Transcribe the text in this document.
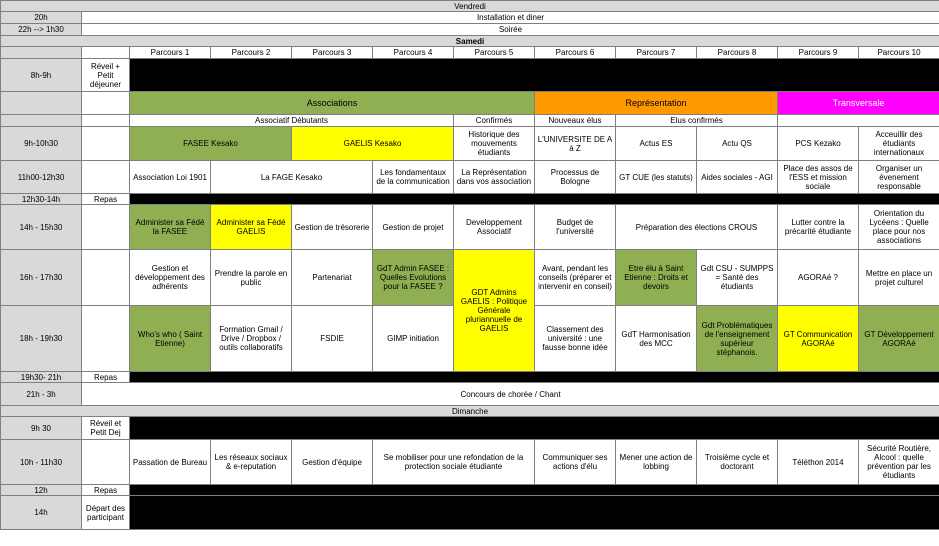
Vendredi											
20h	Installation et diner										
22h --> 1h30	Soirée										
Samedi											
		Parcours 1	Parcours 2	Parcours 3	Parcours 4	Parcours 5	Parcours 6	Parcours 7	Parcours 8	Parcours 9	Parcours 10
8h-9h	Réveil + Petit déjeuner										
		Associations					Représentation			Transversale	
		Associatif Débutants				Confirmés	Nouveaux élus	Elus confirmés			
9h-10h30		FASEE Kesako		GAELIS Kesako		Historique des mouvements étudiants	L'UNIVERSITE DE A à Z	Actus ES	Actu QS	PCS Kezako	Acceuillir des étudiants internationaux
11h00-12h30		Association Loi 1901	La FAGE Kesako		Les fondamentaux de la communication	La Représentation dans vos association	Processus de Bologne	GT CUE (les statuts)	Aides sociales - AGI	Place des assos de l'ESS et mission sociale	Organiser un évenement responsable
12h30-14h	Repas										
14h - 15h30		Administer sa Fédé la FASEE	Administer sa Fédé GAELIS	Gestion de trésorerie	Gestion de projet	Developpement Associatif	Budget de l'université	Préparation des élections CROUS		Lutter contre la précarité étudiante	Orientation du Lycéens : Quelle place pour nos associations
16h - 17h30		Gestion et développement des adhérents	Prendre la parole en public	Partenariat	GdT Admin FASEE : Quelles Evolutions pour la FASEE ?	GDT Admins GAELIS : Politique Générale pluriannuelle de GAELIS	Avant, pendant les conseils (préparer et intervenir en conseil)	Etre élu à Saint Etienne : Droits et devoirs	Gdt CSU - SUMPPS = Santé des étudiants	AGORAé ?	Mettre en place un projet culturel
18h - 19h30		Who's who ( Saint Etienne)	Formation Gmail / Drive / Dropbox / outils collaboratifs	FSDIE	GIMP initiation		Classement des université : une fausse bonne idée	GdT Harmonisation des MCC	Gdt Problématiques de l'enseignement supérieur stéphanois.	GT Communication AGORAé	GT Développement AGORAé
19h30- 21h	Repas										
21h - 3h	Concours de chorée / Chant										
Dimanche											
9h 30	Réveil et Petit Dej										
10h - 11h30		Passation de Bureau	Les réseaux sociaux & e-reputation	Gestion d'équipe	Se mobiliser pour une refondation de la protection sociale étudiante		Communiquer ses actions d'élu	Mener une action de lobbing	Troisième cycle et doctorant	Téléthon 2014	Sécurité Routière, Alcool : quelle prévention par les étudiants
12h	Repas										
14h	Départ des participant										
